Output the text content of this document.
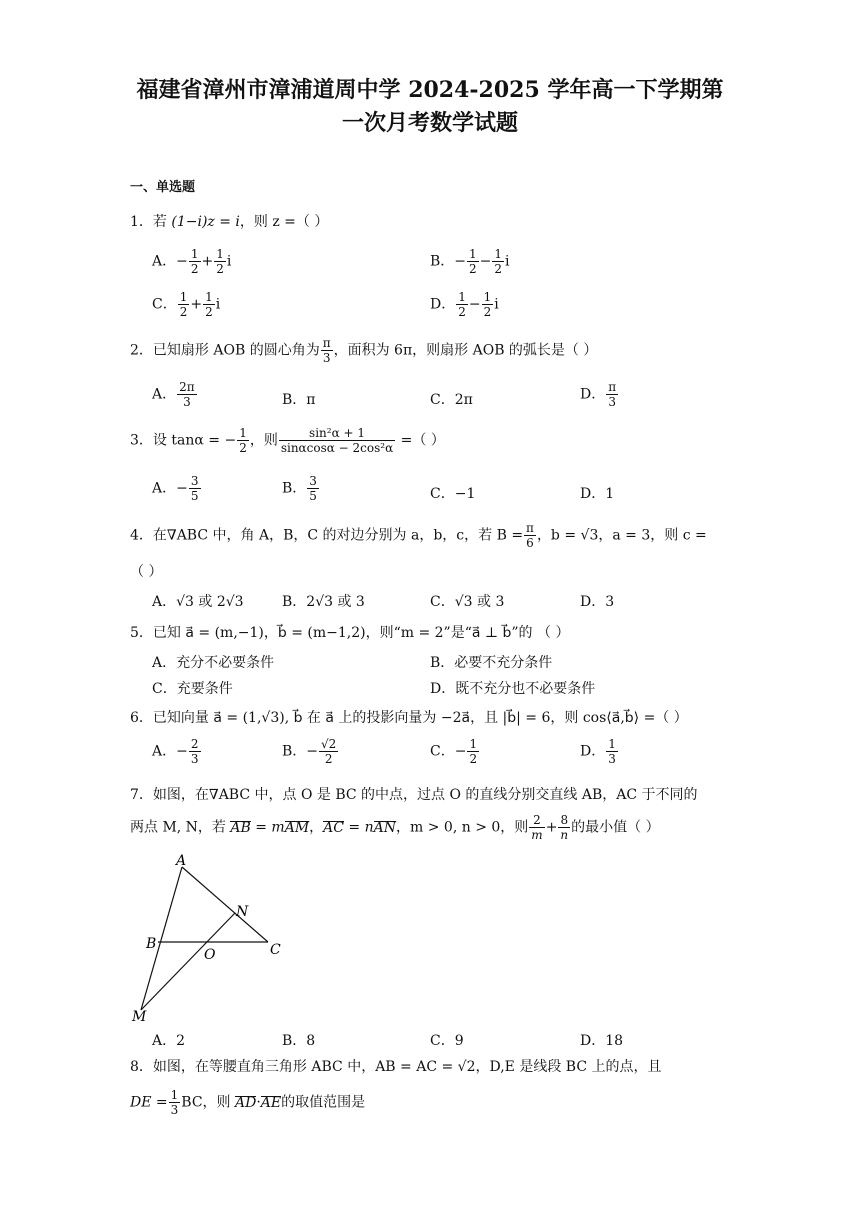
福建省漳州市漳浦道周中学 2024-2025 学年高一下学期第
一次月考数学试题
一、单选题
1．若 (1−i)z = i，则 z =（ ）
A．− $\frac{1}{2} + \frac{1}{2}$ i	B．− $\frac{1}{2} - \frac{1}{2}$ i
C． $\frac{1}{2} + \frac{1}{2}$ i	D． $\frac{1}{2} - \frac{1}{2}$ i
2．已知扇形 AOB 的圆心角为 $\frac{\pi}{3}$ ，面积为 6π，则扇形 AOB 的弧长是（ ）
A． $\frac{2\pi}{3}$	B．π	C．2π	D． $\frac{\pi}{3}$
3．设 tanα = − $\frac{1}{2}$ ，则 $\frac{\text{sin²α + 1}}{\text{sinαcosα − 2cos²α}}$ =（ ）
A．− $\frac{3}{5}$	B． $\frac{3}{5}$	C．−1	D．1
4．在∇ABC 中，角 A，B，C 的对边分别为 a，b，c，若 $B = \frac{\pi}{6}$ ，b = √3，a = 3，则 c =
（ ）
A．√3 或 2√3	B．2√3 或 3	C．√3 或 3	D．3
5．已知 a⃗ = (m,−1)，b⃗ = (m−1,2)，则“m = 2”是“a⃗ ⊥ b⃗”的 （ ）
A．充分不必要条件	B．必要不充分条件
C．充要条件	D．既不充分也不必要条件
6．已知向量 a⃗ = (1,√3), b⃗ 在 a⃗ 上的投影向量为 −2a⃗，且 |b⃗| = 6，则 cos⟨a⃗,b⃗⟩ =（ ）
A．− $\frac{2}{3}$	B．− $\frac{√2}{2}$	C．− $\frac{1}{2}$	D． $\frac{1}{3}$
7．如图，在∇ABC 中，点 O 是 BC 的中点，过点 O 的直线分别交直线 AB，AC 于不同的
两点 M, N，若 AB = mAM，AC = nAN，m > 0, n > 0，则 $\frac{2}{m} + \frac{8}{n}$ 的最小值（ ）
A
N
B
O	C
M
A．2	B．8	C．9	D．18
8．如图，在等腰直角三角形 ABC 中，AB = AC = √2，D,E 是线段 BC 上的点，且
DE = $\frac{1}{3}$ BC，则 AD·AE的取值范围是
